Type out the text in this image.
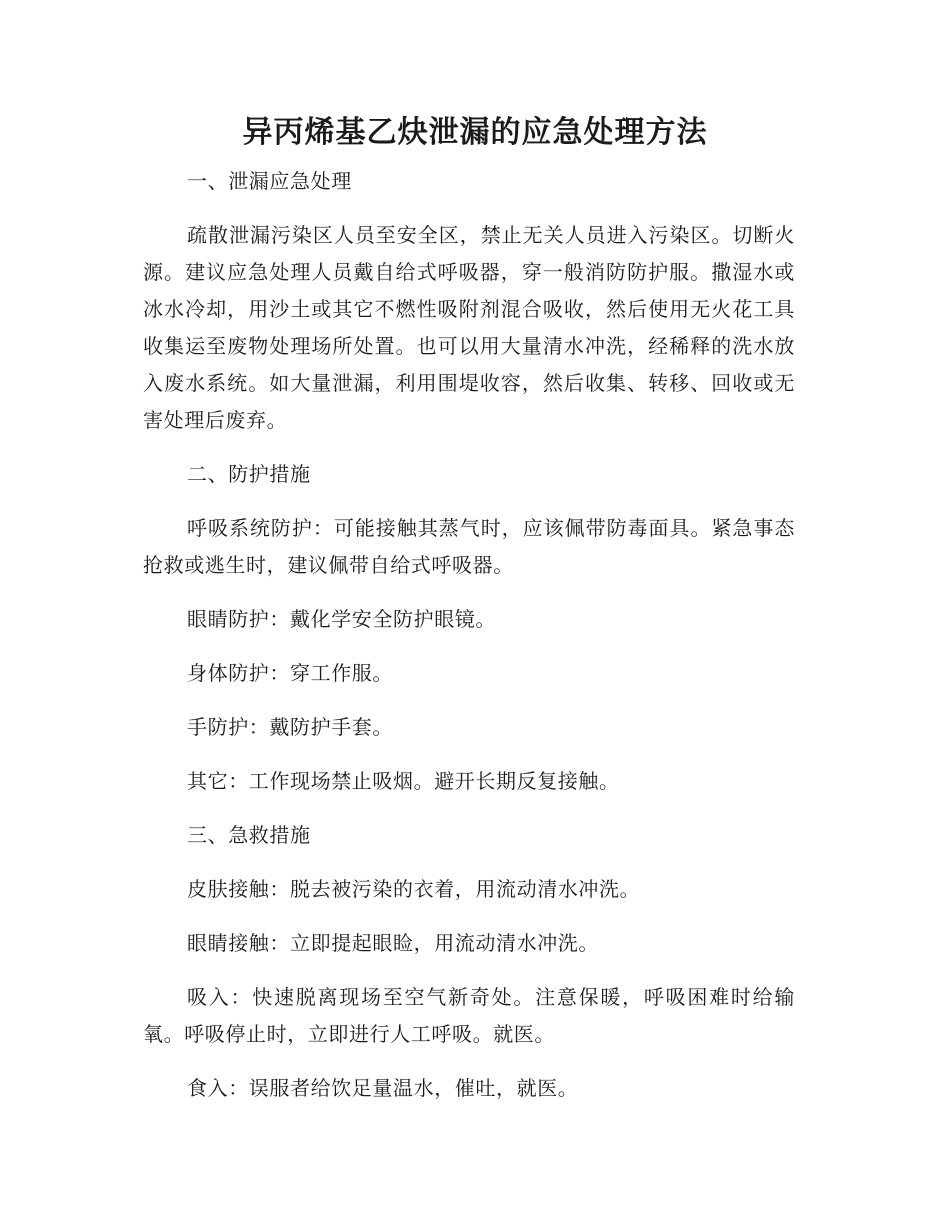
异丙烯基乙炔泄漏的应急处理方法

一、泄漏应急处理

疏散泄漏污染区人员至安全区，禁止无关人员进入污染区。切断火源。建议应急处理人员戴自给式呼吸器，穿一般消防防护服。撒湿水或冰水冷却，用沙土或其它不燃性吸附剂混合吸收，然后使用无火花工具收集运至废物处理场所处置。也可以用大量清水冲洗，经稀释的洗水放入废水系统。如大量泄漏，利用围堤收容，然后收集、转移、回收或无害处理后废弃。

二、防护措施

呼吸系统防护：可能接触其蒸气时，应该佩带防毒面具。紧急事态抢救或逃生时，建议佩带自给式呼吸器。

眼睛防护：戴化学安全防护眼镜。

身体防护：穿工作服。

手防护：戴防护手套。

其它：工作现场禁止吸烟。避开长期反复接触。

三、急救措施

皮肤接触：脱去被污染的衣着，用流动清水冲洗。

眼睛接触：立即提起眼睑，用流动清水冲洗。

吸入：快速脱离现场至空气新奇处。注意保暖，呼吸困难时给输氧。呼吸停止时，立即进行人工呼吸。就医。

食入：误服者给饮足量温水，催吐，就医。
